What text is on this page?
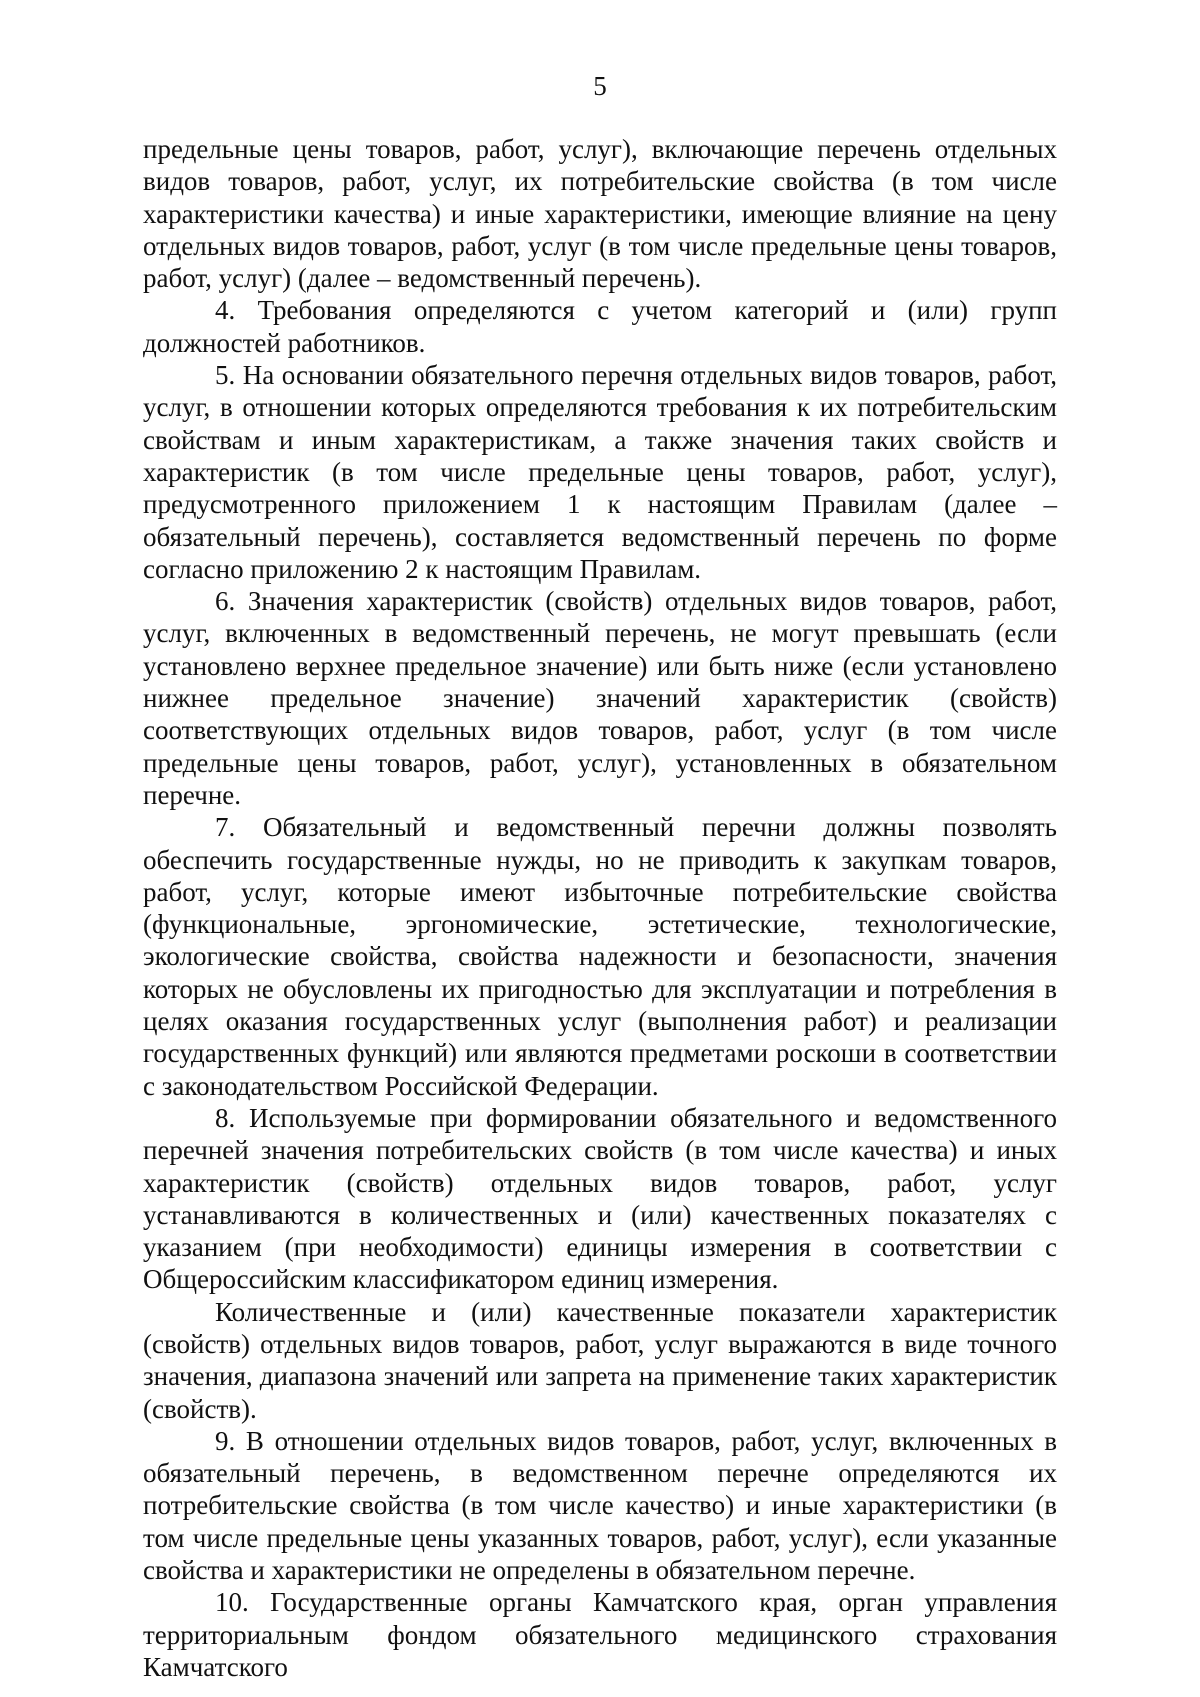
5

предельные цены товаров, работ, услуг), включающие перечень отдельных видов товаров, работ, услуг, их потребительские свойства (в том числе характеристики качества) и иные характеристики, имеющие влияние на цену отдельных видов товаров, работ, услуг (в том числе предельные цены товаров, работ, услуг) (далее – ведомственный перечень).

4. Требования определяются с учетом категорий и (или) групп должностей работников.

5. На основании обязательного перечня отдельных видов товаров, работ, услуг, в отношении которых определяются требования к их потребительским свойствам и иным характеристикам, а также значения таких свойств и характеристик (в том числе предельные цены товаров, работ, услуг), предусмотренного приложением 1 к настоящим Правилам (далее – обязательный перечень), составляется ведомственный перечень по форме согласно приложению 2 к настоящим Правилам.

6. Значения характеристик (свойств) отдельных видов товаров, работ, услуг, включенных в ведомственный перечень, не могут превышать (если установлено верхнее предельное значение) или быть ниже (если установлено нижнее предельное значение) значений характеристик (свойств) соответствующих отдельных видов товаров, работ, услуг (в том числе предельные цены товаров, работ, услуг), установленных в обязательном перечне.

7. Обязательный и ведомственный перечни должны позволять обеспечить государственные нужды, но не приводить к закупкам товаров, работ, услуг, которые имеют избыточные потребительские свойства (функциональные, эргономические, эстетические, технологические, экологические свойства, свойства надежности и безопасности, значения которых не обусловлены их пригодностью для эксплуатации и потребления в целях оказания государственных услуг (выполнения работ) и реализации государственных функций) или являются предметами роскоши в соответствии с законодательством Российской Федерации.

8. Используемые при формировании обязательного и ведомственного перечней значения потребительских свойств (в том числе качества) и иных характеристик (свойств) отдельных видов товаров, работ, услуг устанавливаются в количественных и (или) качественных показателях с указанием (при необходимости) единицы измерения в соответствии с Общероссийским классификатором единиц измерения.

Количественные и (или) качественные показатели характеристик (свойств) отдельных видов товаров, работ, услуг выражаются в виде точного значения, диапазона значений или запрета на применение таких характеристик (свойств).

9. В отношении отдельных видов товаров, работ, услуг, включенных в обязательный перечень, в ведомственном перечне определяются их потребительские свойства (в том числе качество) и иные характеристики (в том числе предельные цены указанных товаров, работ, услуг), если указанные свойства и характеристики не определены в обязательном перечне.

10. Государственные органы Камчатского края, орган управления территориальным фондом обязательного медицинского страхования Камчатского
